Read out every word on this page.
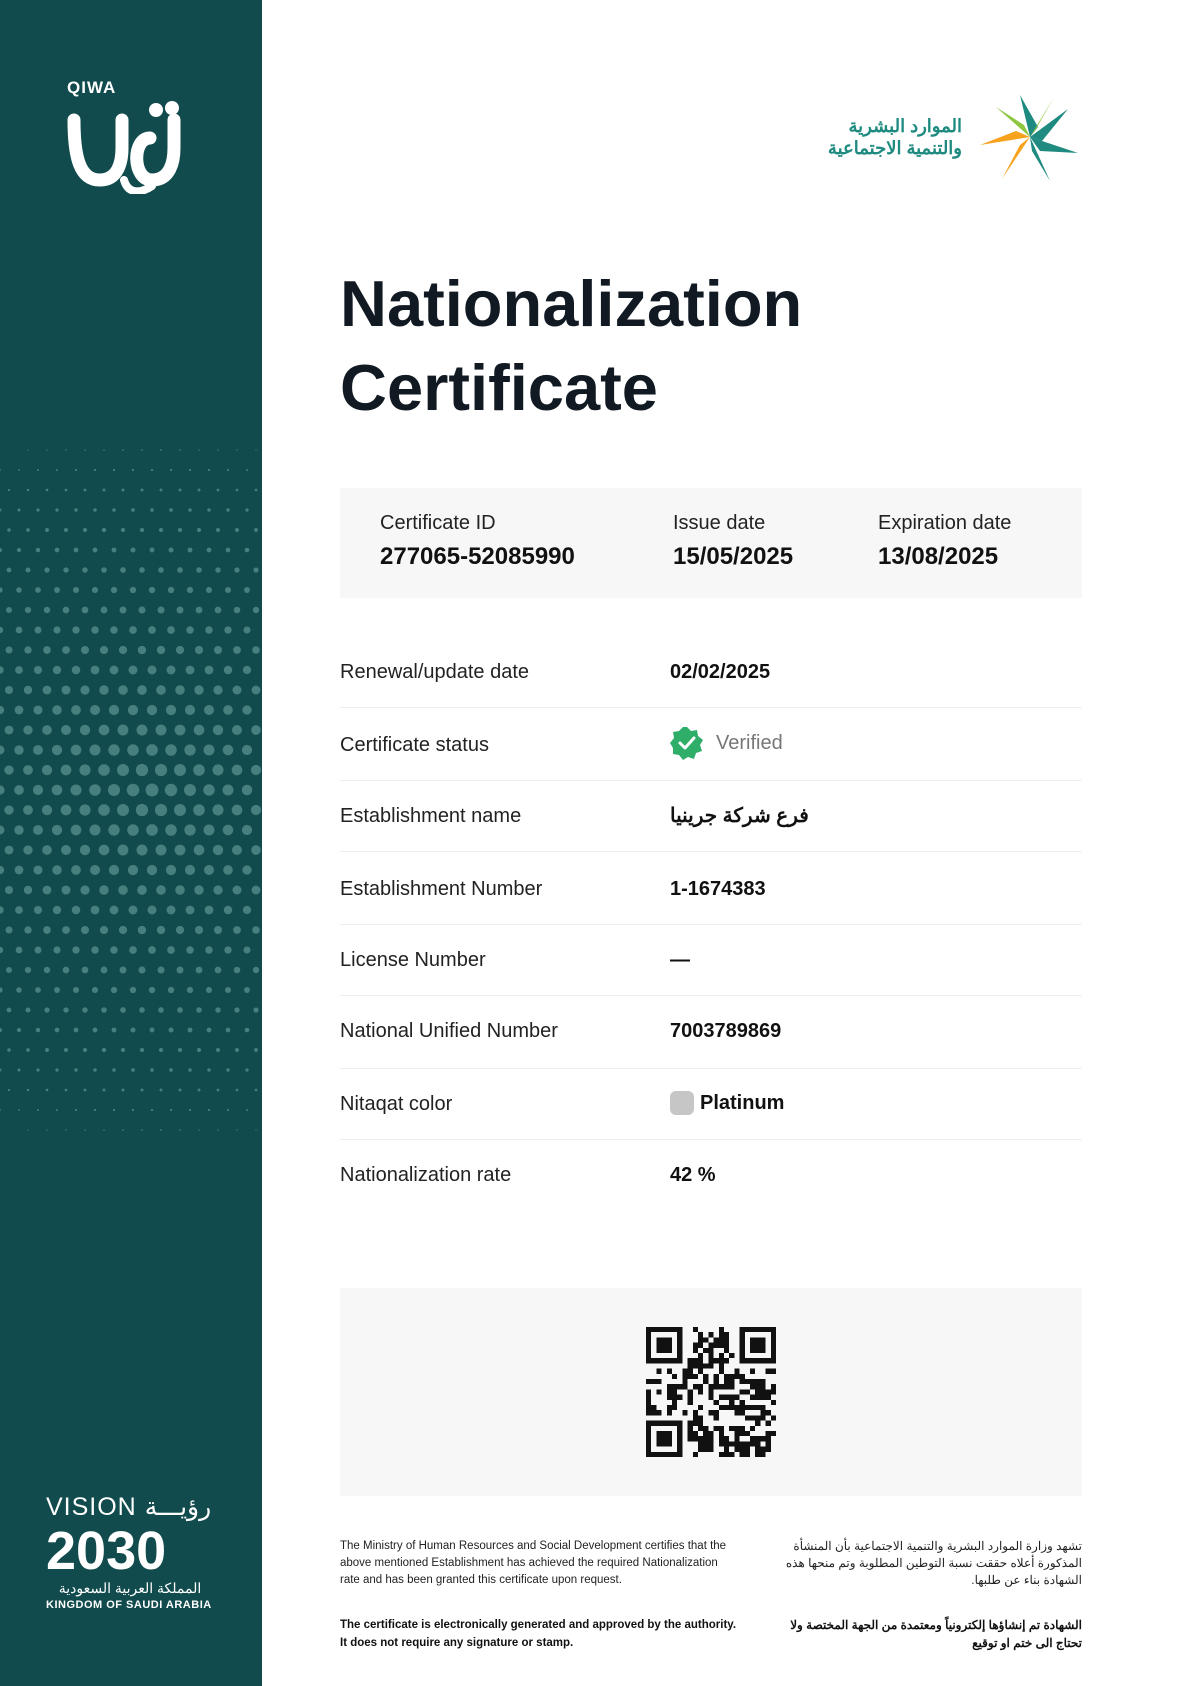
QIWA
VISION رؤيـــة
2030
المملكة العربية السعودية
KINGDOM OF SAUDI ARABIA
الموارد البشرية
والتنمية الاجتماعية
Nationalization
Certificate
Certificate ID
277065-52085990
Issue date
15/05/2025
Expiration date
13/08/2025
Renewal/update date	02/02/2025
Certificate status	Verified
Establishment name	فرع شركة جرينيا
Establishment Number	1-1674383
License Number	—
National Unified Number	7003789869
Nitaqat color	Platinum
Nationalization rate	42 %
The Ministry of Human Resources and Social Development certifies that the above mentioned Establishment has achieved the required Nationalization rate and has been granted this certificate upon request.
تشهد وزارة الموارد البشرية والتنمية الاجتماعية بأن المنشأة المذكورة أعلاه حققت نسبة التوطين المطلوبة وتم منحها هذه الشهادة بناء عن طلبها.
The certificate is electronically generated and approved by the authority. It does not require any signature or stamp.
الشهادة تم إنشاؤها إلكترونياً ومعتمدة من الجهة المختصة ولا تحتاج الى ختم او توقيع
